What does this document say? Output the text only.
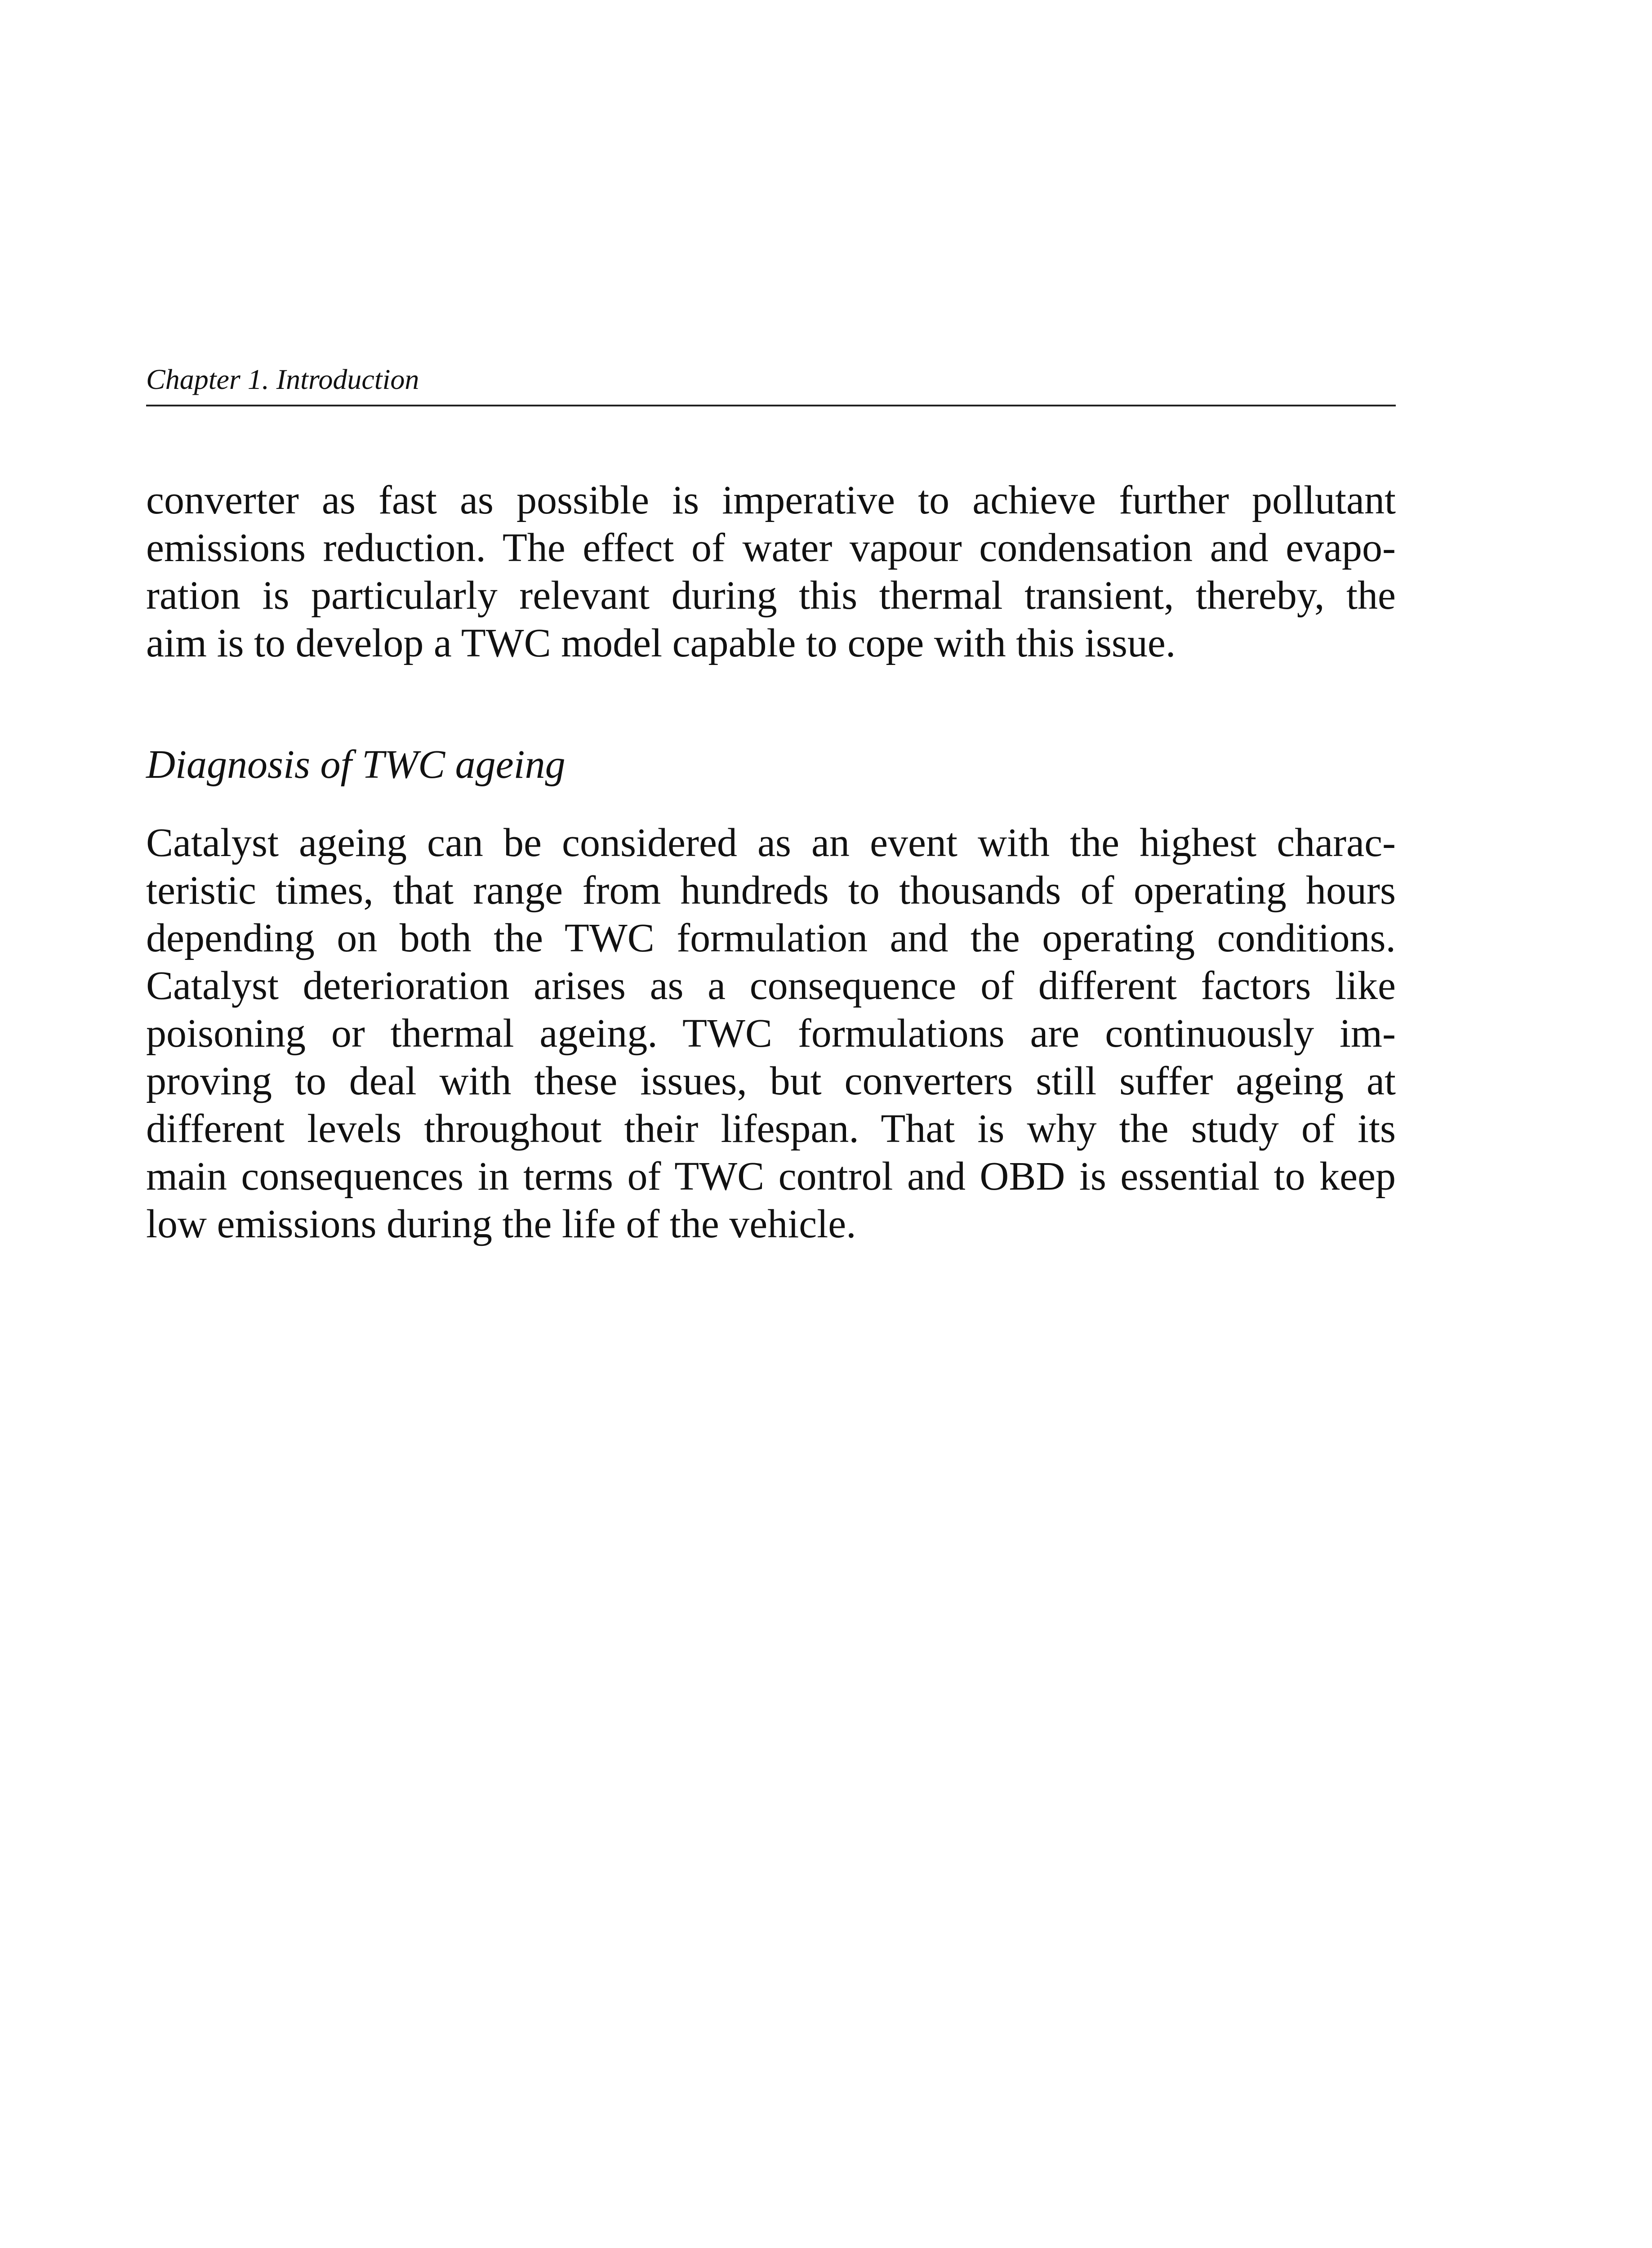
Chapter 1. Introduction
converter as fast as possible is imperative to achieve further pollutant
emissions reduction. The effect of water vapour condensation and evapo-
ration is particularly relevant during this thermal transient, thereby, the
aim is to develop a TWC model capable to cope with this issue.
Diagnosis of TWC ageing
Catalyst ageing can be considered as an event with the highest charac-
teristic times, that range from hundreds to thousands of operating hours
depending on both the TWC formulation and the operating conditions.
Catalyst deterioration arises as a consequence of different factors like
poisoning or thermal ageing. TWC formulations are continuously im-
proving to deal with these issues, but converters still suffer ageing at
different levels throughout their lifespan. That is why the study of its
main consequences in terms of TWC control and OBD is essential to keep
low emissions during the life of the vehicle.
